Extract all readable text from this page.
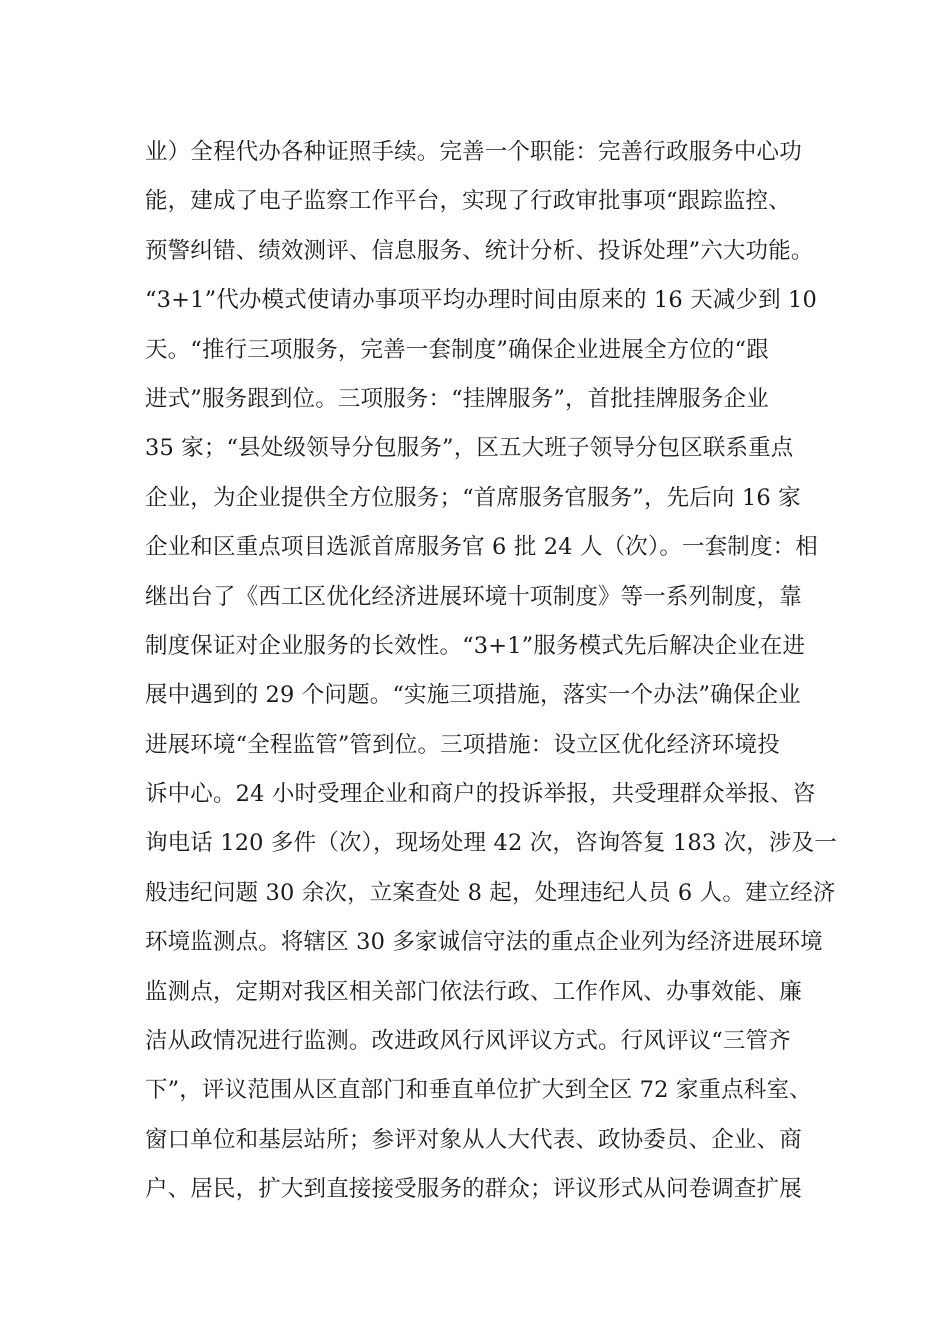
业）全程代办各种证照手续。完善一个职能：完善行政服务中心功
能，建成了电子监察工作平台，实现了行政审批事项“跟踪监控、
预警纠错、绩效测评、信息服务、统计分析、投诉处理”六大功能。
“3+1”代办模式使请办事项平均办理时间由原来的 16 天减少到 10
天。“推行三项服务，完善一套制度”确保企业进展全方位的“跟
进式”服务跟到位。三项服务：“挂牌服务”，首批挂牌服务企业
35 家；“县处级领导分包服务”，区五大班子领导分包区联系重点
企业，为企业提供全方位服务；“首席服务官服务”，先后向 16 家
企业和区重点项目选派首席服务官 6 批 24 人（次）。一套制度：相
继出台了《西工区优化经济进展环境十项制度》等一系列制度，靠
制度保证对企业服务的长效性。“3+1”服务模式先后解决企业在进
展中遇到的 29 个问题。“实施三项措施，落实一个办法”确保企业
进展环境“全程监管”管到位。三项措施：设立区优化经济环境投
诉中心。24 小时受理企业和商户的投诉举报，共受理群众举报、咨
询电话 120 多件（次），现场处理 42 次，咨询答复 183 次，涉及一
般违纪问题 30 余次，立案查处 8 起，处理违纪人员 6 人。建立经济
环境监测点。将辖区 30 多家诚信守法的重点企业列为经济进展环境
监测点，定期对我区相关部门依法行政、工作作风、办事效能、廉
洁从政情况进行监测。改进政风行风评议方式。行风评议“三管齐
下”，评议范围从区直部门和垂直单位扩大到全区 72 家重点科室、
窗口单位和基层站所；参评对象从人大代表、政协委员、企业、商
户、居民，扩大到直接接受服务的群众；评议形式从问卷调查扩展
